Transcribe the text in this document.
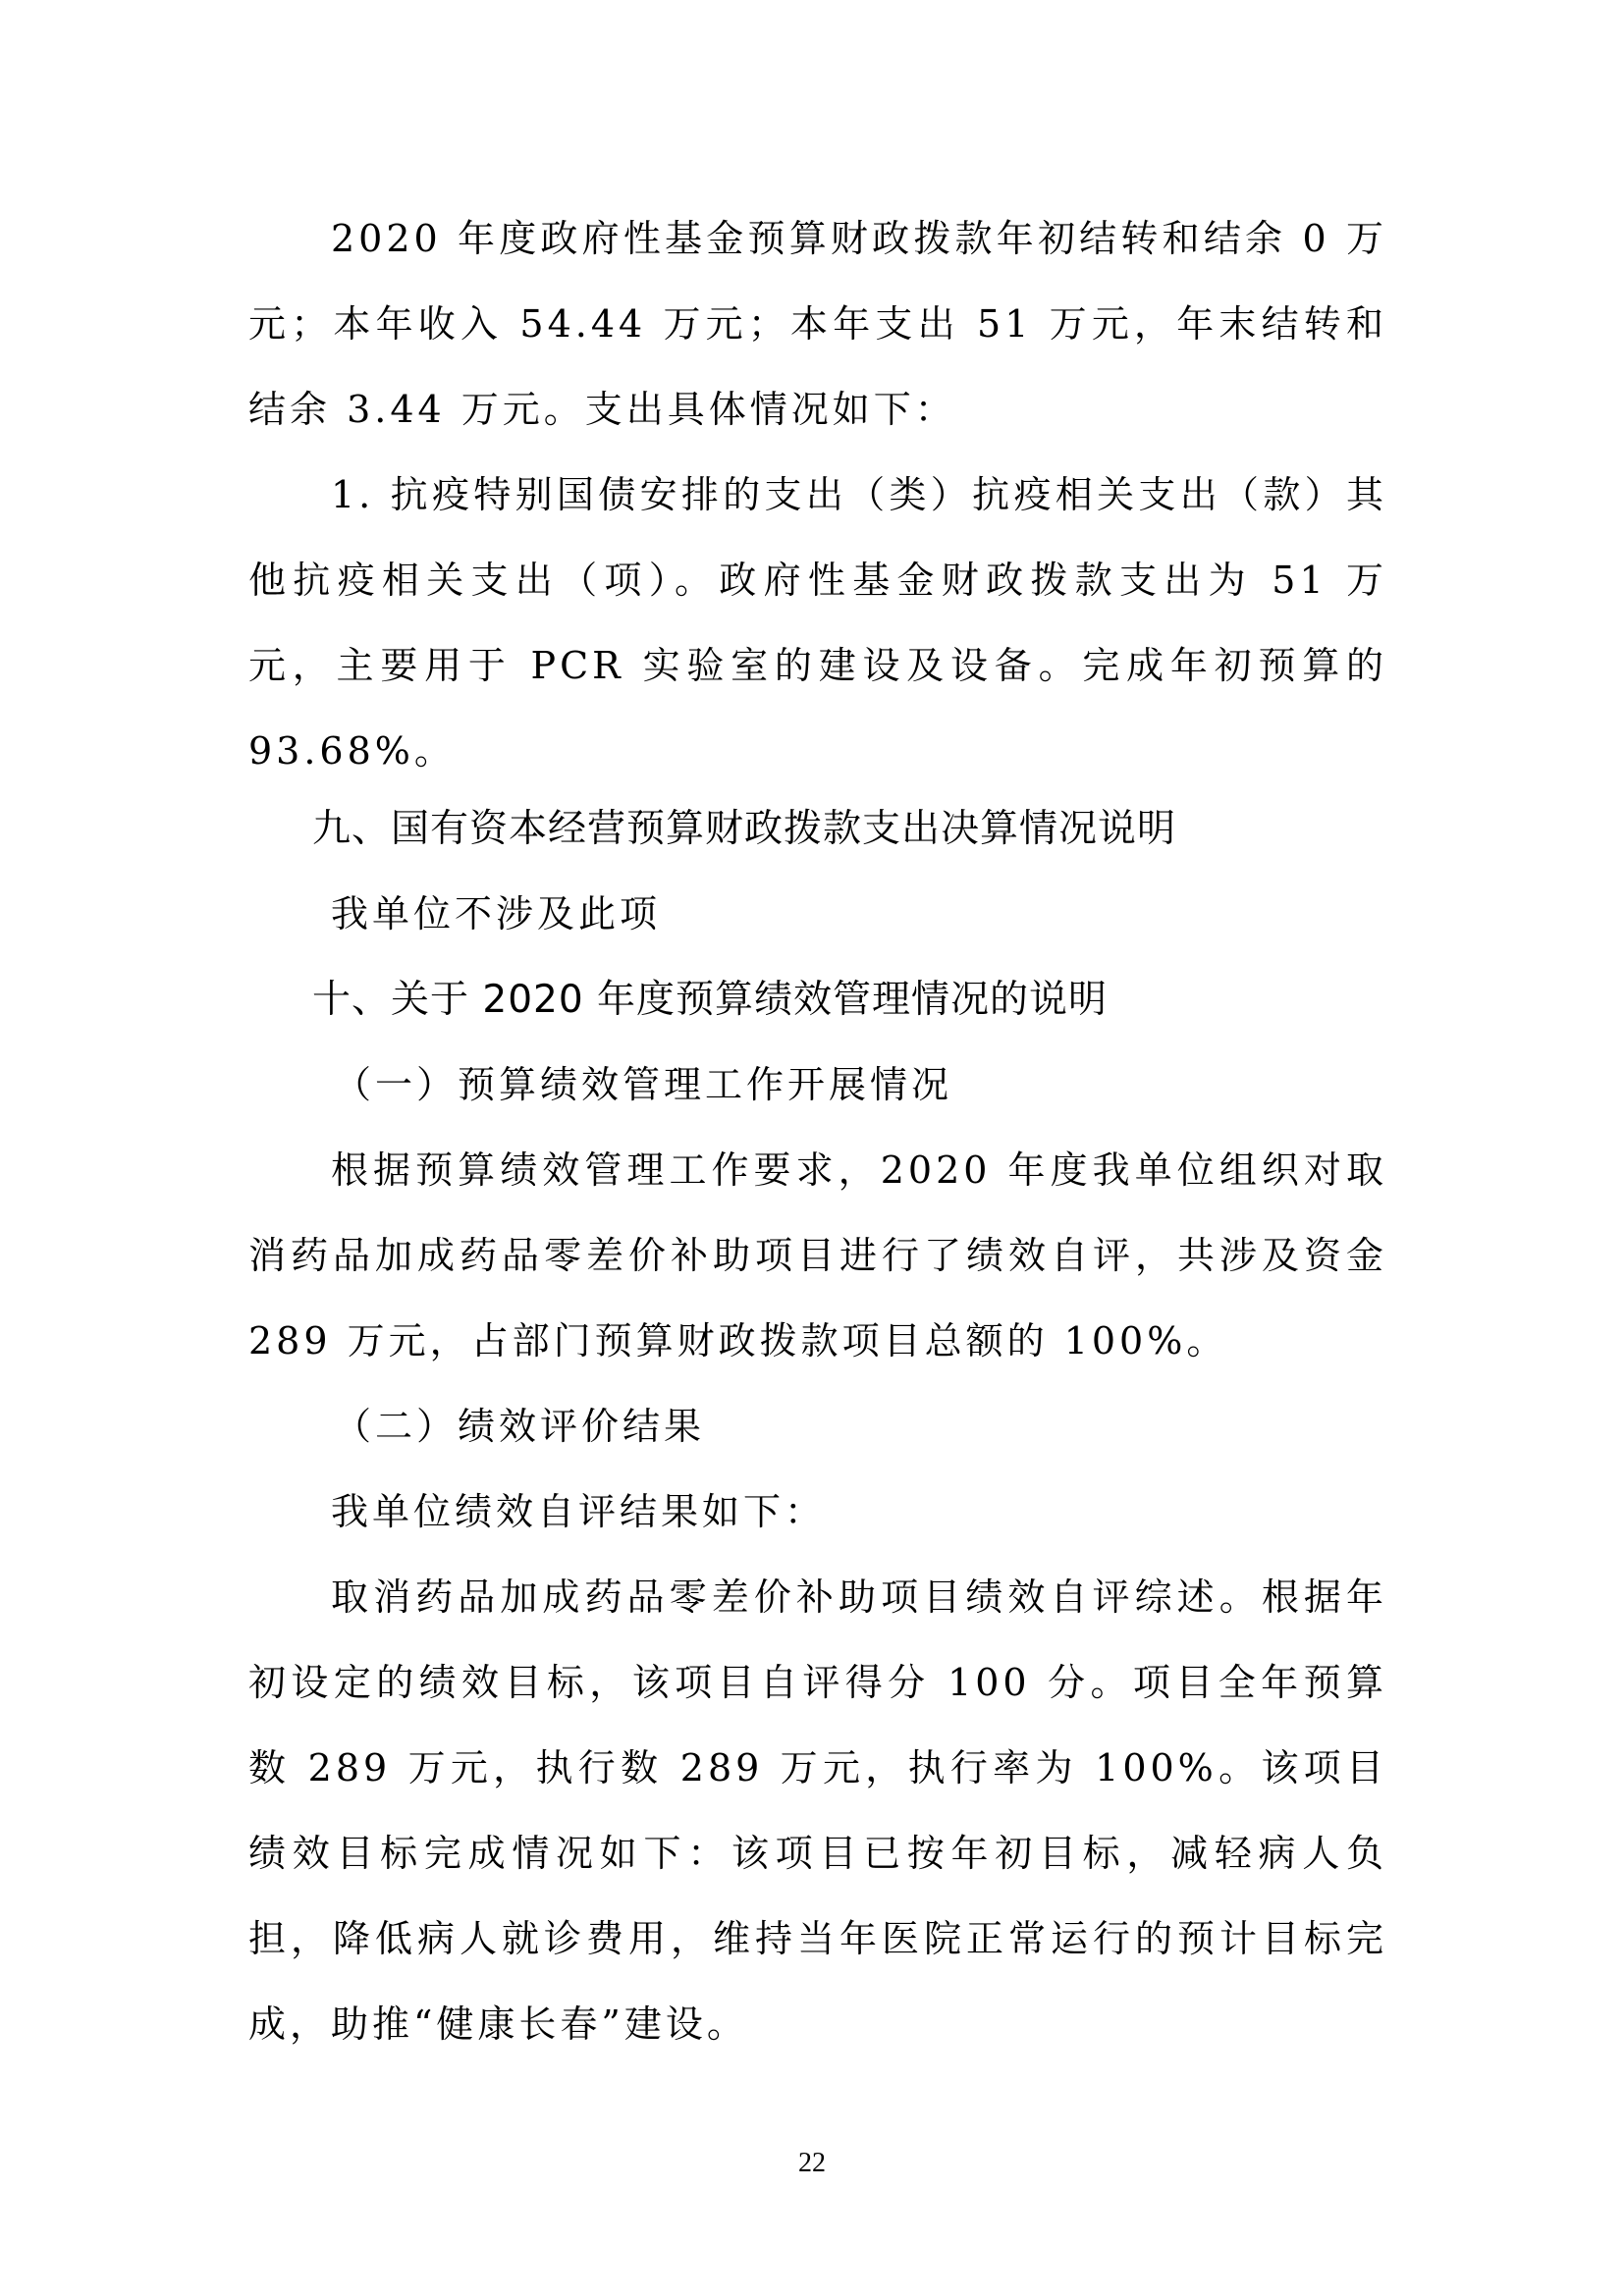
2020 年度政府性基金预算财政拨款年初结转和结余 0 万元；本年收入 54.44 万元；本年支出 51 万元，年末结转和结余 3.44 万元。支出具体情况如下：

1. 抗疫特别国债安排的支出（类）抗疫相关支出（款）其他抗疫相关支出（项）。政府性基金财政拨款支出为 51 万元，主要用于 PCR 实验室的建设及设备。完成年初预算的 93.68%。

九、国有资本经营预算财政拨款支出决算情况说明

我单位不涉及此项

十、关于 2020 年度预算绩效管理情况的说明

（一）预算绩效管理工作开展情况

根据预算绩效管理工作要求，2020 年度我单位组织对取消药品加成药品零差价补助项目进行了绩效自评，共涉及资金 289 万元，占部门预算财政拨款项目总额的 100%。

（二）绩效评价结果

我单位绩效自评结果如下：

取消药品加成药品零差价补助项目绩效自评综述。根据年初设定的绩效目标，该项目自评得分 100 分。项目全年预算数 289 万元，执行数 289 万元，执行率为 100%。该项目绩效目标完成情况如下：该项目已按年初目标，减轻病人负担，降低病人就诊费用，维持当年医院正常运行的预计目标完成，助推“健康长春”建设。

22
